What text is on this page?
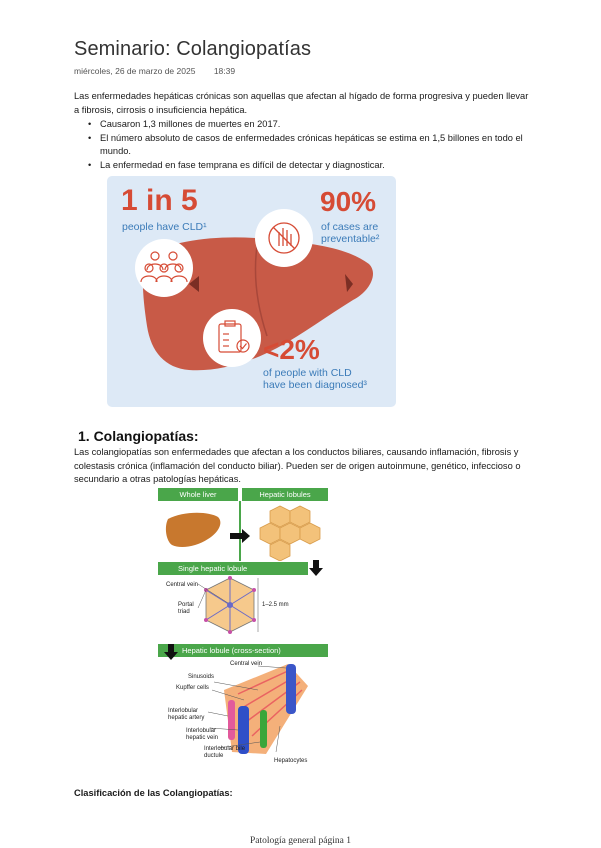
Seminario: Colangiopatías
miércoles, 26 de marzo de 2025 18:39
Las enfermedades hepáticas crónicas son aquellas que afectan al hígado de forma progresiva y pueden llevar a fibrosis, cirrosis o insuficiencia hepática.
• Causaron 1,3 millones de muertes en 2017.
• El número absoluto de casos de enfermedades crónicas hepáticas se estima en 1,5 billones en todo el mundo.
• La enfermedad en fase temprana es difícil de detectar y diagnosticar.
1 in 5
people have CLD¹
90%
of cases are
preventable²
<2%
of people with CLD
have been diagnosed³
1. Colangiopatías:
Las colangiopatías son enfermedades que afectan a los conductos biliares, causando inflamación, fibrosis y colestasis crónica (inflamación del conducto biliar). Pueden ser de origen autoinmune, genético, infeccioso o secundario a otras patologías hepáticas.
Whole liver	Hepatic lobules
Single hepatic lobule
Central vein
Portal triad
1–2.5 mm
Hepatic lobule (cross-section)
Central vein
Sinusoids
Kupffer cells
Interlobular hepatic artery
Interlobular hepatic vein
Interlobular bile ductule
Hepatocytes
Clasificación de las Colangiopatías:
Patología general página 1
